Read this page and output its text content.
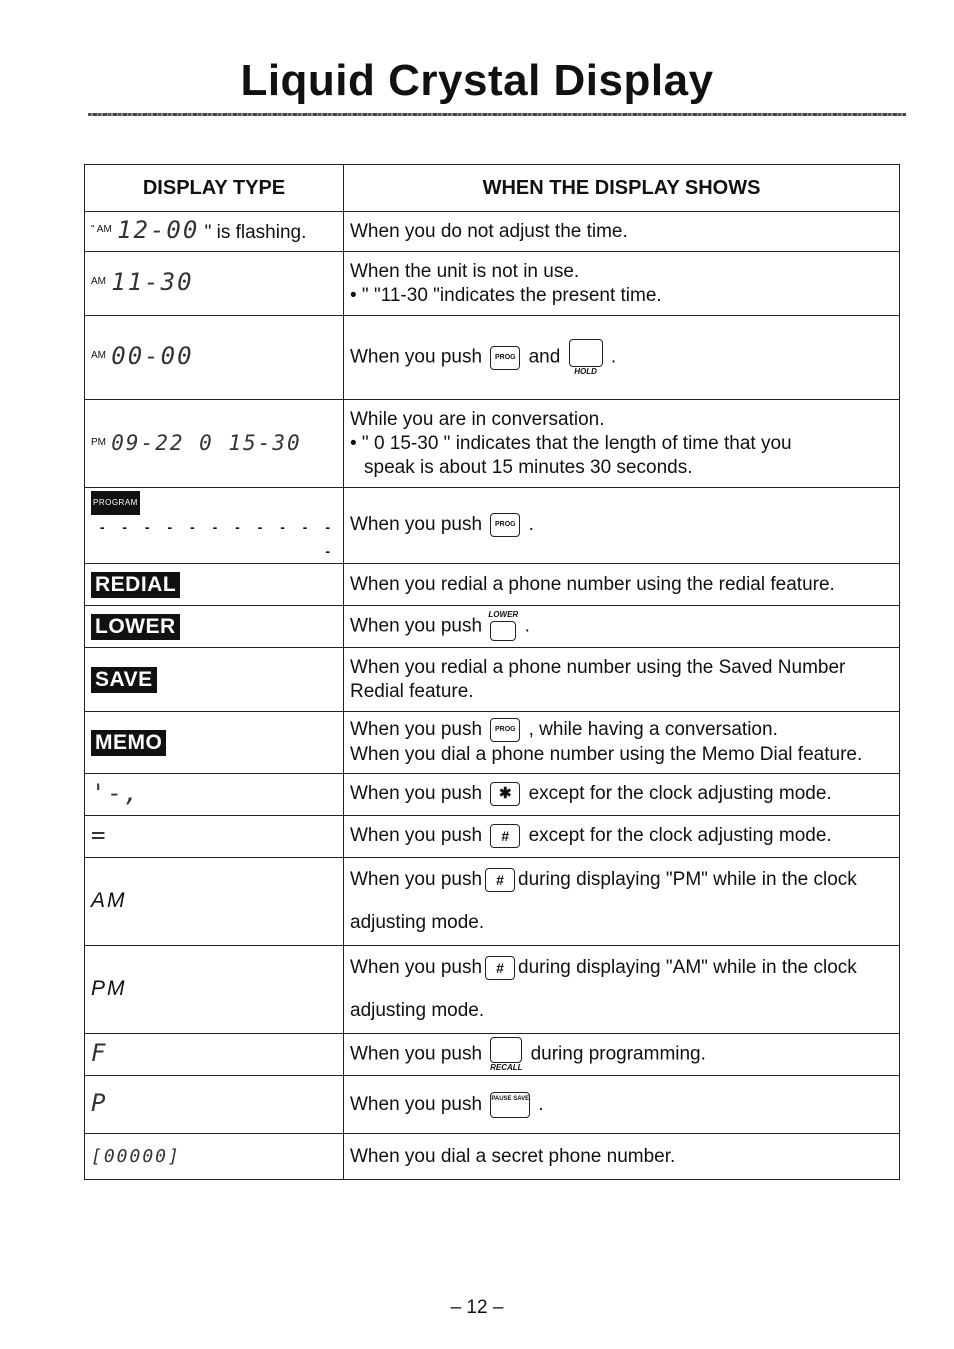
Liquid Crystal Display
DISPLAY TYPE	WHEN THE DISPLAY SHOWS
$^{" AM}$ 12-00 " is flashing.	When you do not adjust the time.
$^{AM}$ 11-30	When the unit is not in use.
• " "11-30 "indicates the present time.

$^{AM}$ 00-00	When you push PROG and
HOLD
.
$^{PM}$ 09-22 0 15-30	While you are in conversation.
• " 0 15-30 " indicates that the length of time that you
speak is about 15 minutes 30 seconds.

PROGRAM
- - - - - - - - - - - -	When you push PROG .
REDIAL	When you redial a phone number using the redial feature.
LOWER	When you push
LOWER
.
SAVE	When you redial a phone number using the Saved Number
Redial feature.

MEMO	When you push PROG , while having a conversation.
When you dial a phone number using the Memo Dial feature.

'-,	When you push ✱ except for the clock adjusting mode.
=	When you push # except for the clock adjusting mode.
AM	When you push # during displaying "PM" while in the clock
adjusting mode.

PM	When you push # during displaying "AM" while in the clock
adjusting mode.

F	When you push
RECALL
during programming.
P	When you push PAUSE SAVE .
[00000]	When you dial a secret phone number.
– 12 –
